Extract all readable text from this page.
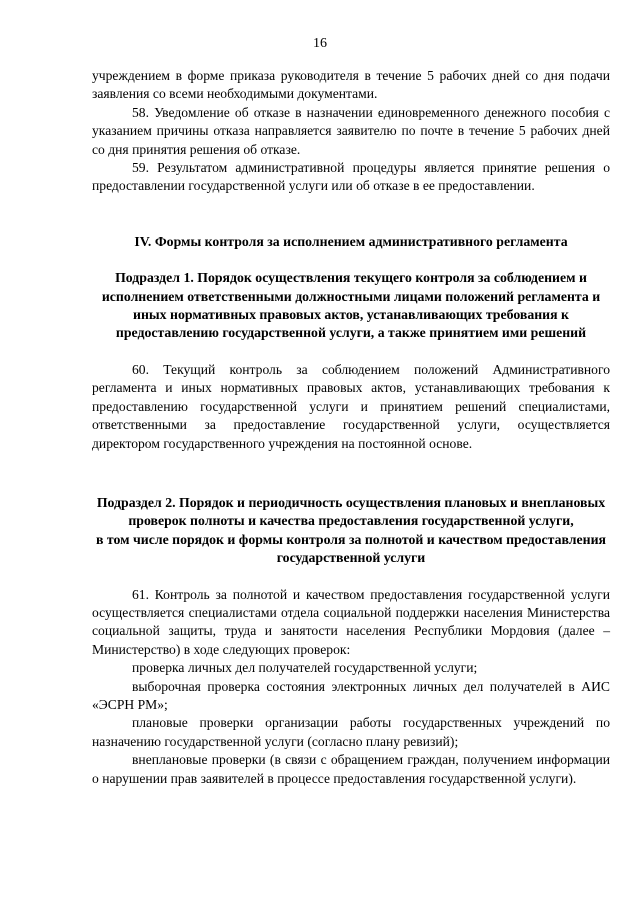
16

учреждением в форме приказа руководителя в течение 5 рабочих дней со дня подачи заявления со всеми необходимыми документами.

58. Уведомление об отказе в назначении единовременного денежного пособия с указанием причины отказа направляется заявителю по почте в течение 5 рабочих дней со дня принятия решения об отказе.

59. Результатом административной процедуры является принятие решения о предоставлении государственной услуги или об отказе в ее предоставлении.

IV. Формы контроля за исполнением административного регламента
Подраздел 1. Порядок осуществления текущего контроля за соблюдением и исполнением ответственными должностными лицами положений регламента и иных нормативных правовых актов, устанавливающих требования к предоставлению государственной услуги, а также принятием ими решений

60. Текущий контроль за соблюдением положений Административного регламента и иных нормативных правовых актов, устанавливающих требования к предоставлению государственной услуги и принятием решений специалистами, ответственными за предоставление государственной услуги, осуществляется директором государственного учреждения на постоянной основе.

Подраздел 2. Порядок и периодичность осуществления плановых и внеплановых проверок полноты и качества предоставления государственной услуги,
в том числе порядок и формы контроля за полнотой и качеством предоставления государственной услуги

61. Контроль за полнотой и качеством предоставления государственной услуги осуществляется специалистами отдела социальной поддержки населения Министерства социальной защиты, труда и занятости населения Республики Мордовия (далее – Министерство) в ходе следующих проверок:

проверка личных дел получателей государственной услуги;

выборочная проверка состояния электронных личных дел получателей в АИС «ЭСРН РМ»;

плановые проверки организации работы государственных учреждений по назначению государственной услуги (согласно плану ревизий);

внеплановые проверки (в связи с обращением граждан, получением информации о нарушении прав заявителей в процессе предоставления государственной услуги).
